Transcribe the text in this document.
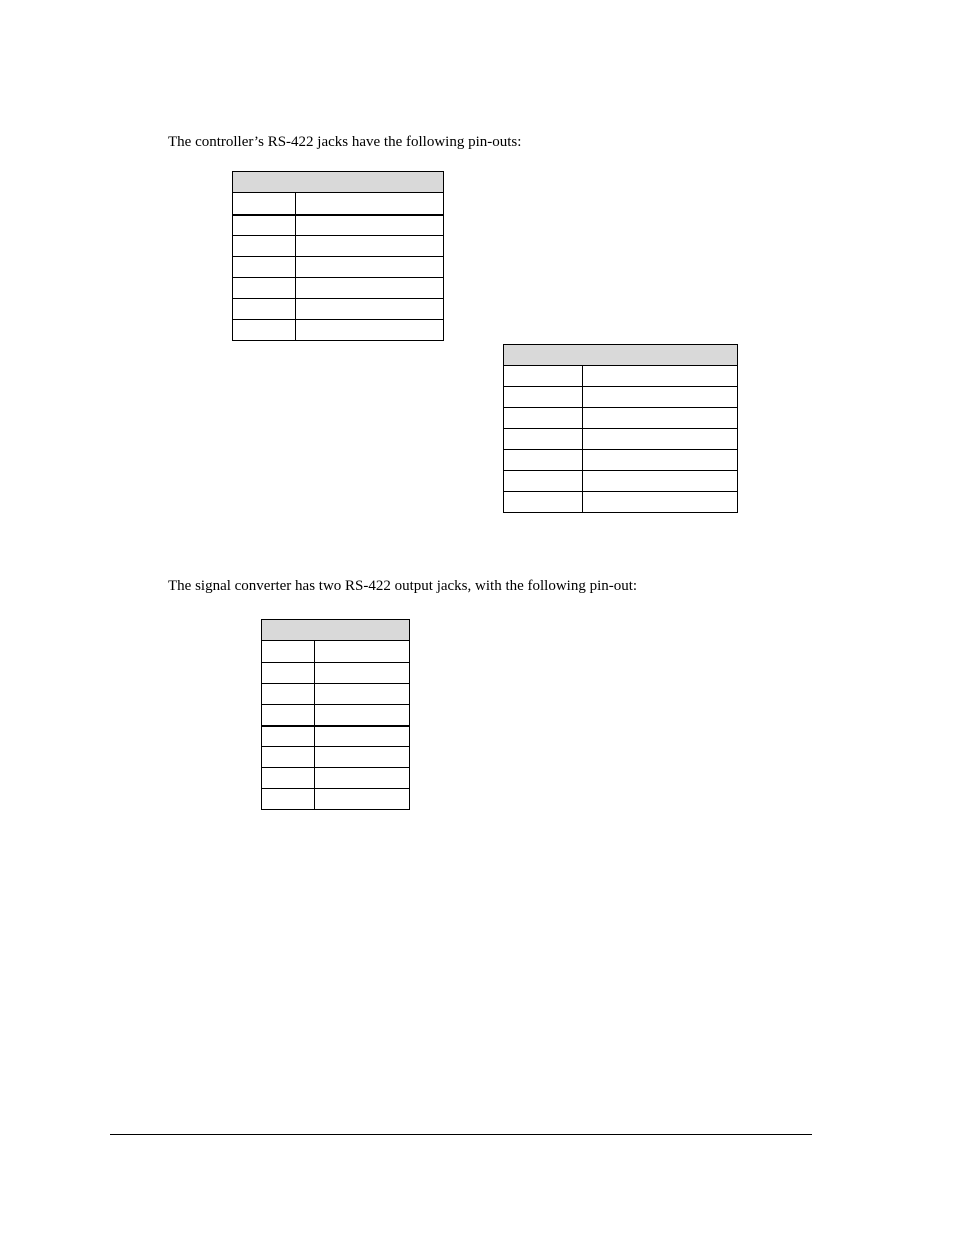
The controller’s RS-422 jacks have the following pin-outs:

The signal converter has two RS-422 output jacks, with the following pin-out:
